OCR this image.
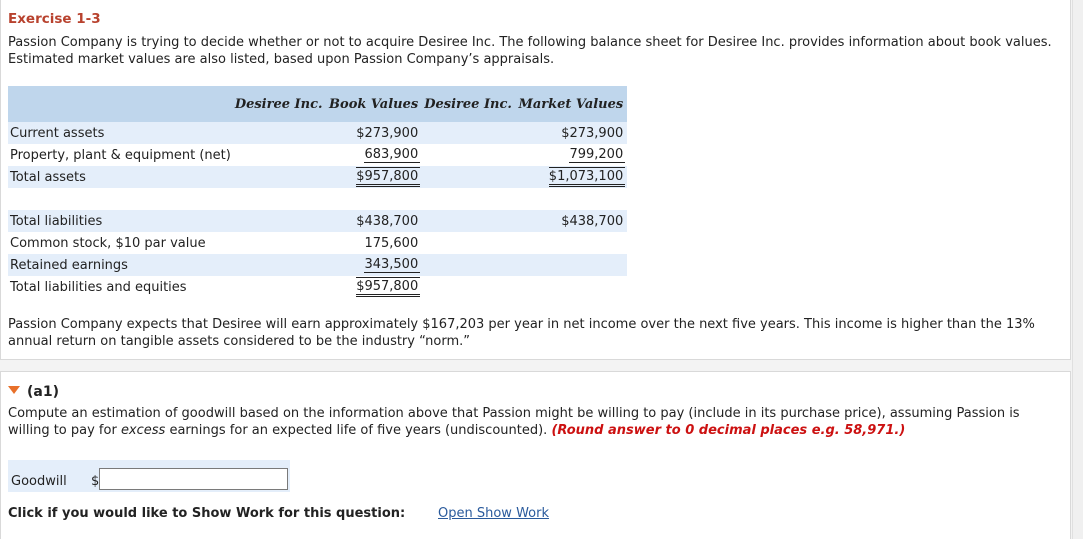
Exercise 1-3
Passion Company is trying to decide whether or not to acquire Desiree Inc. The following balance sheet for Desiree Inc. provides information about book values. Estimated market values are also listed, based upon Passion Company’s appraisals.
	Desiree Inc. Book Values	Desiree Inc. Market Values
Current assets	$273,900	$273,900
Property, plant & equipment (net)	683,900	799,200
Total assets	$957,800	$1,073,100

Total liabilities	$438,700	$438,700
Common stock, $10 par value	175,600	
Retained earnings	343,500	
Total liabilities and equities	$957,800	
Passion Company expects that Desiree will earn approximately $167,203 per year in net income over the next five years. This income is higher than the 13% annual return on tangible assets considered to be the industry “norm.”
(a1)
Compute an estimation of goodwill based on the information above that Passion might be willing to pay (include in its purchase price), assuming Passion is willing to pay for excess earnings for an expected life of five years (undiscounted). (Round answer to 0 decimal places e.g. 58,971.)
Goodwill $
Click if you would like to Show Work for this question:	Open Show Work
